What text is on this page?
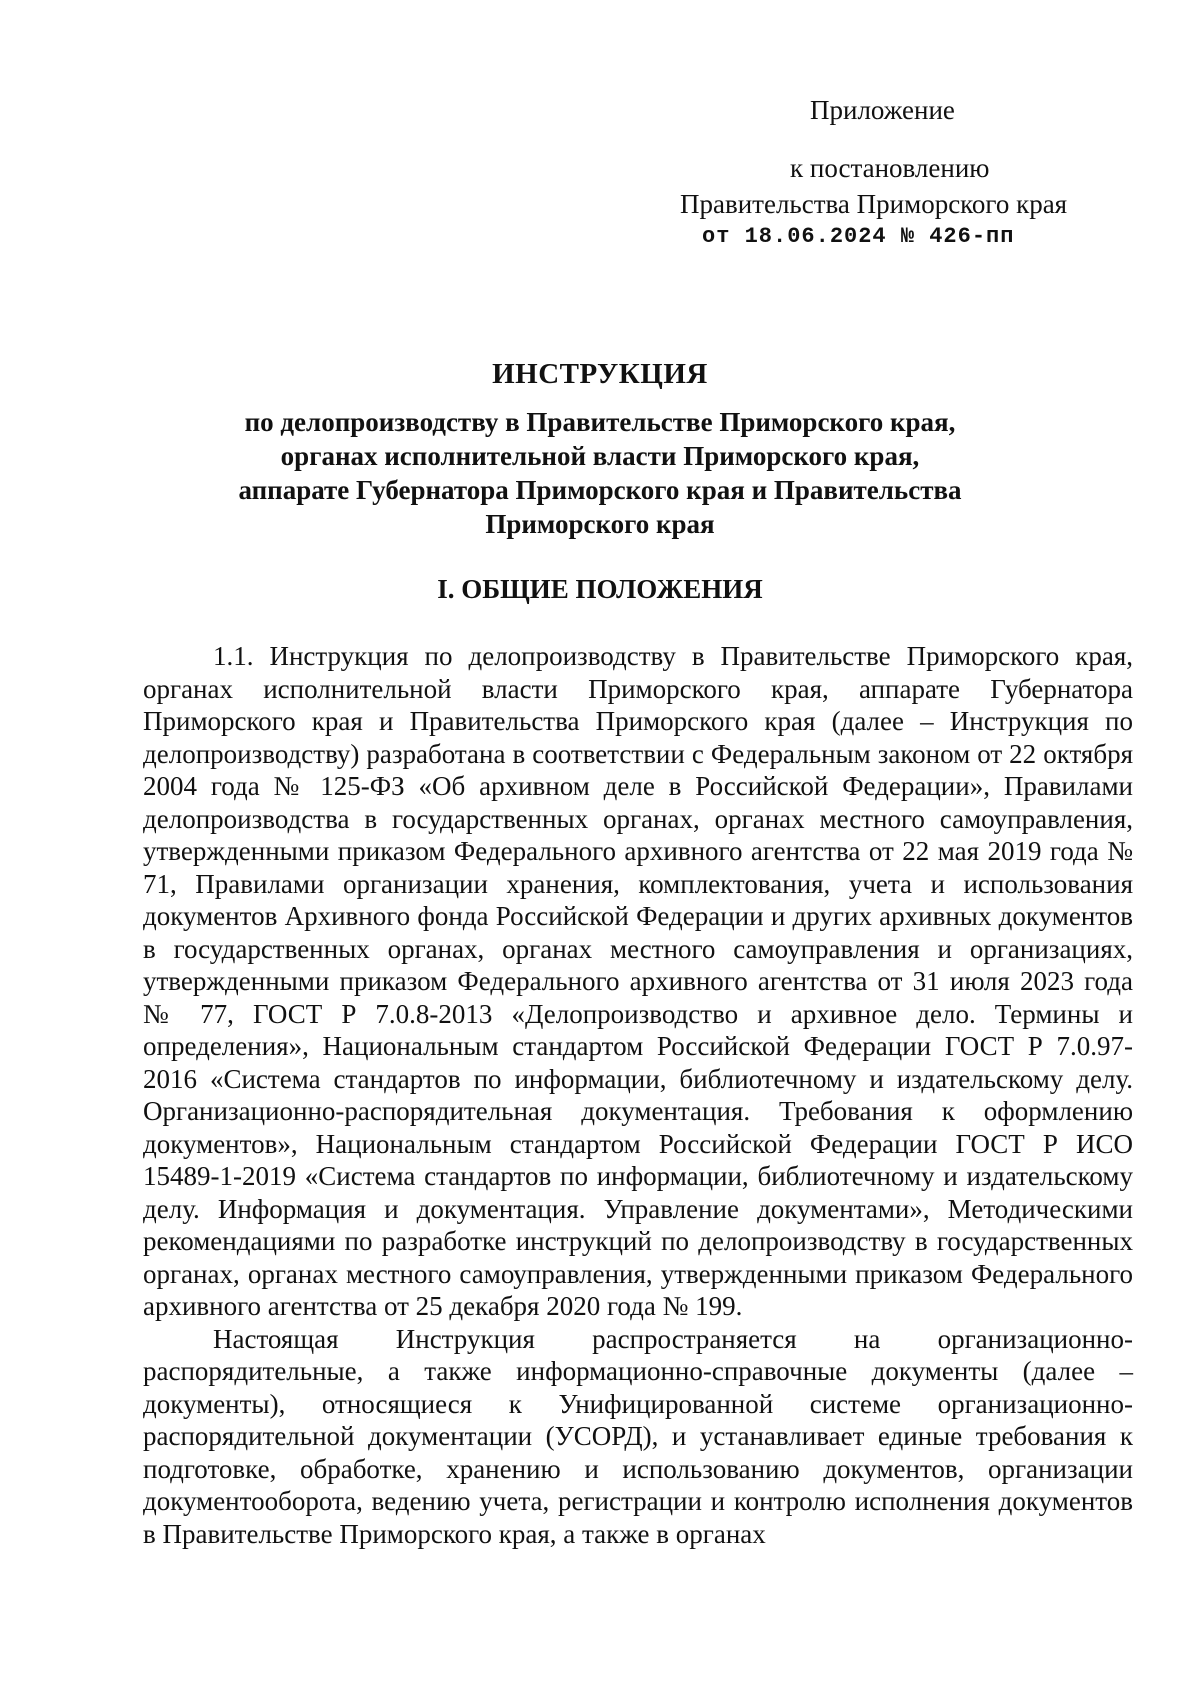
Приложение
к постановлению
Правительства Приморского края
от 18.06.2024 № 426-пп
ИНСТРУКЦИЯ
по делопроизводству в Правительстве Приморского края,
органах исполнительной власти Приморского края,
аппарате Губернатора Приморского края и Правительства
Приморского края
I. ОБЩИЕ ПОЛОЖЕНИЯ

1.1. Инструкция по делопроизводству в Правительстве Приморского края, органах исполнительной власти Приморского края, аппарате Губернатора Приморского края и Правительства Приморского края (далее – Инструкция по делопроизводству) разработана в соответствии с Федеральным законом от 22 октября 2004 года № 125-ФЗ «Об архивном деле в Российской Федерации», Правилами делопроизводства в государственных органах, органах местного самоуправления, утвержденными приказом Федерального архивного агентства от 22 мая 2019 года № 71, Правилами организации хранения, комплектования, учета и использования документов Архивного фонда Российской Федерации и других архивных документов в государственных органах, органах местного самоуправления и организациях, утвержденными приказом Федерального архивного агентства от 31 июля 2023 года № 77, ГОСТ Р 7.0.8-2013 «Делопроизводство и архивное дело. Термины и определения», Национальным стандартом Российской Федерации ГОСТ Р 7.0.97-2016 «Система стандартов по информации, библиотечному и издательскому делу. Организационно-распорядительная документация. Требования к оформлению документов», Национальным стандартом Российской Федерации ГОСТ Р ИСО 15489-1-2019 «Система стандартов по информации, библиотечному и издательскому делу. Информация и документация. Управление документами», Методическими рекомендациями по разработке инструкций по делопроизводству в государственных органах, органах местного самоуправления, утвержденными приказом Федерального архивного агентства от 25 декабря 2020 года № 199.

Настоящая Инструкция распространяется на организационно-распорядительные, а также информационно-справочные документы (далее – документы), относящиеся к Унифицированной системе организационно-распорядительной документации (УСОРД), и устанавливает единые требования к подготовке, обработке, хранению и использованию документов, организации документооборота, ведению учета, регистрации и контролю исполнения документов в Правительстве Приморского края, а также в органах
